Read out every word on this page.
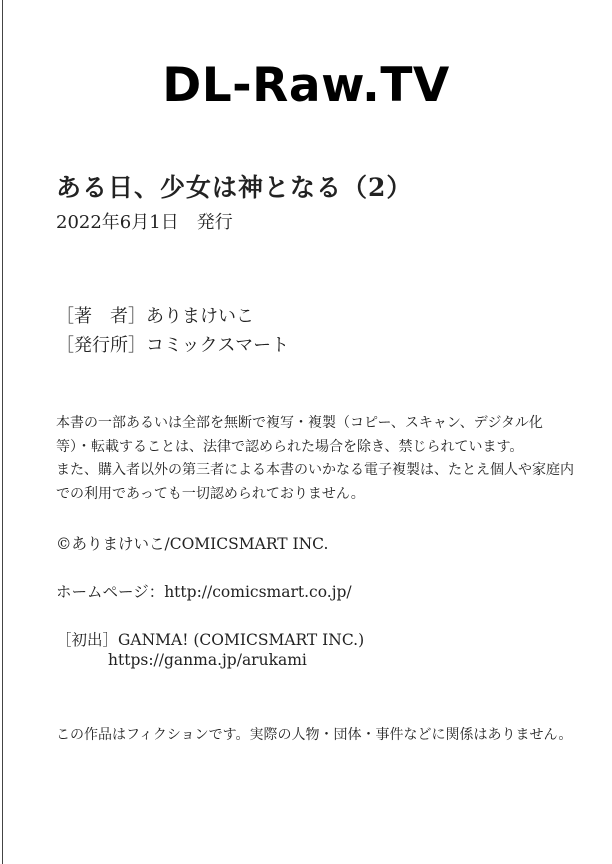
DL-Raw.TV
ある日、少女は神となる（2）
2022年6月1日　発行
［著　者］ありまけいこ
［発行所］コミックスマート
本書の一部あるいは全部を無断で複写・複製（コピー、スキャン、デジタル化
等）・転載することは、法律で認められた場合を除き、禁じられています。
また、購入者以外の第三者による本書のいかなる電子複製は、たとえ個人や家庭内
での利用であっても一切認められておりません。
©ありまけいこ/COMICSMART INC.
ホームページ：http://comicsmart.co.jp/
［初出］GANMA! (COMICSMART INC.)
https://ganma.jp/arukami
この作品はフィクションです。実際の人物・団体・事件などに関係はありません。
